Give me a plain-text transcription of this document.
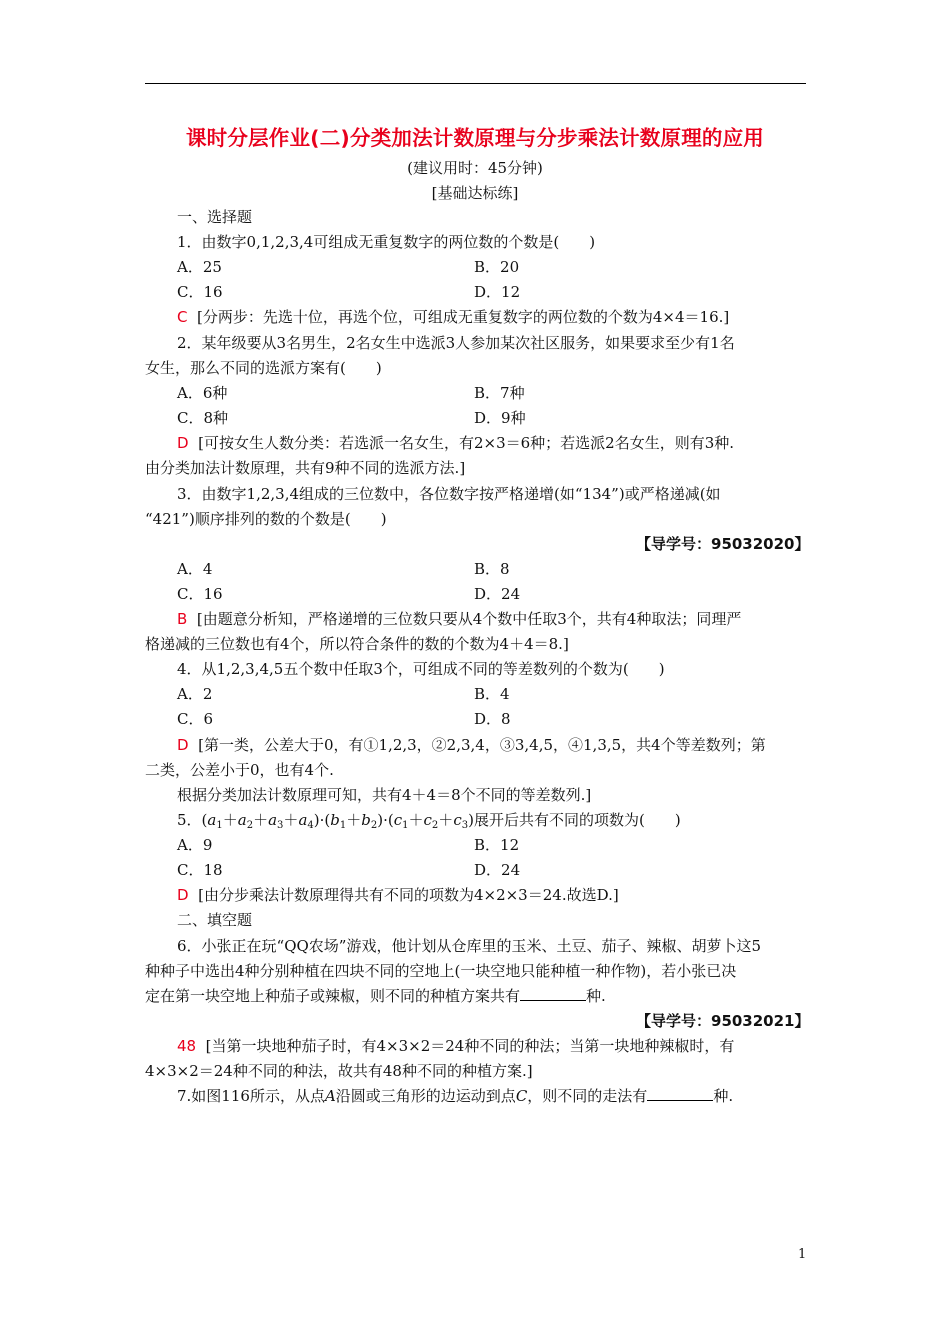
课时分层作业(二)分类加法计数原理与分步乘法计数原理的应用
(建议用时：45分钟)
[基础达标练]
一、选择题
1．由数字0,1,2,3,4可组成无重复数字的两位数的个数是( )
A．25	B．20
C．16	D．12
C [分两步：先选十位，再选个位，可组成无重复数字的两位数的个数为4×4＝16.]
2．某年级要从3名男生，2名女生中选派3人参加某次社区服务，如果要求至少有1名
女生，那么不同的选派方案有( )
A．6种	B．7种
C．8种	D．9种
D [可按女生人数分类：若选派一名女生，有2×3＝6种；若选派2名女生，则有3种.
由分类加法计数原理，共有9种不同的选派方法.]
3．由数字1,2,3,4组成的三位数中，各位数字按严格递增(如“134”)或严格递减(如
“421”)顺序排列的数的个数是( )
【导学号：95032020】
A．4	B．8
C．16	D．24
B [由题意分析知，严格递增的三位数只要从4个数中任取3个，共有4种取法；同理严
格递减的三位数也有4个，所以符合条件的数的个数为4＋4＝8.]
4．从1,2,3,4,5五个数中任取3个，可组成不同的等差数列的个数为( )
A．2	B．4
C．6	D．8
D [第一类，公差大于0，有①1,2,3，②2,3,4，③3,4,5，④1,3,5，共4个等差数列；第
二类，公差小于0，也有4个.
根据分类加法计数原理可知，共有4＋4＝8个不同的等差数列.]
5．$(a_1+a_2+a_3+a_4)\cdot(b_1+b_2)\cdot(c_1+c_2+c_3)$展开后共有不同的项数为( )
A．9	B．12
C．18	D．24
D [由分步乘法计数原理得共有不同的项数为4×2×3＝24.故选D.]
二、填空题
6．小张正在玩“QQ农场”游戏，他计划从仓库里的玉米、土豆、茄子、辣椒、胡萝卜这5
种种子中选出4种分别种植在四块不同的空地上(一块空地只能种植一种作物)，若小张已决
定在第一块空地上种茄子或辣椒，则不同的种植方案共有	种.
【导学号：95032021】
48 [当第一块地种茄子时，有4×3×2＝24种不同的种法；当第一块地种辣椒时，有
4×3×2＝24种不同的种法，故共有48种不同的种植方案.]
7.如图116所示，从点A沿圆或三角形的边运动到点C，则不同的走法有	种.
1
